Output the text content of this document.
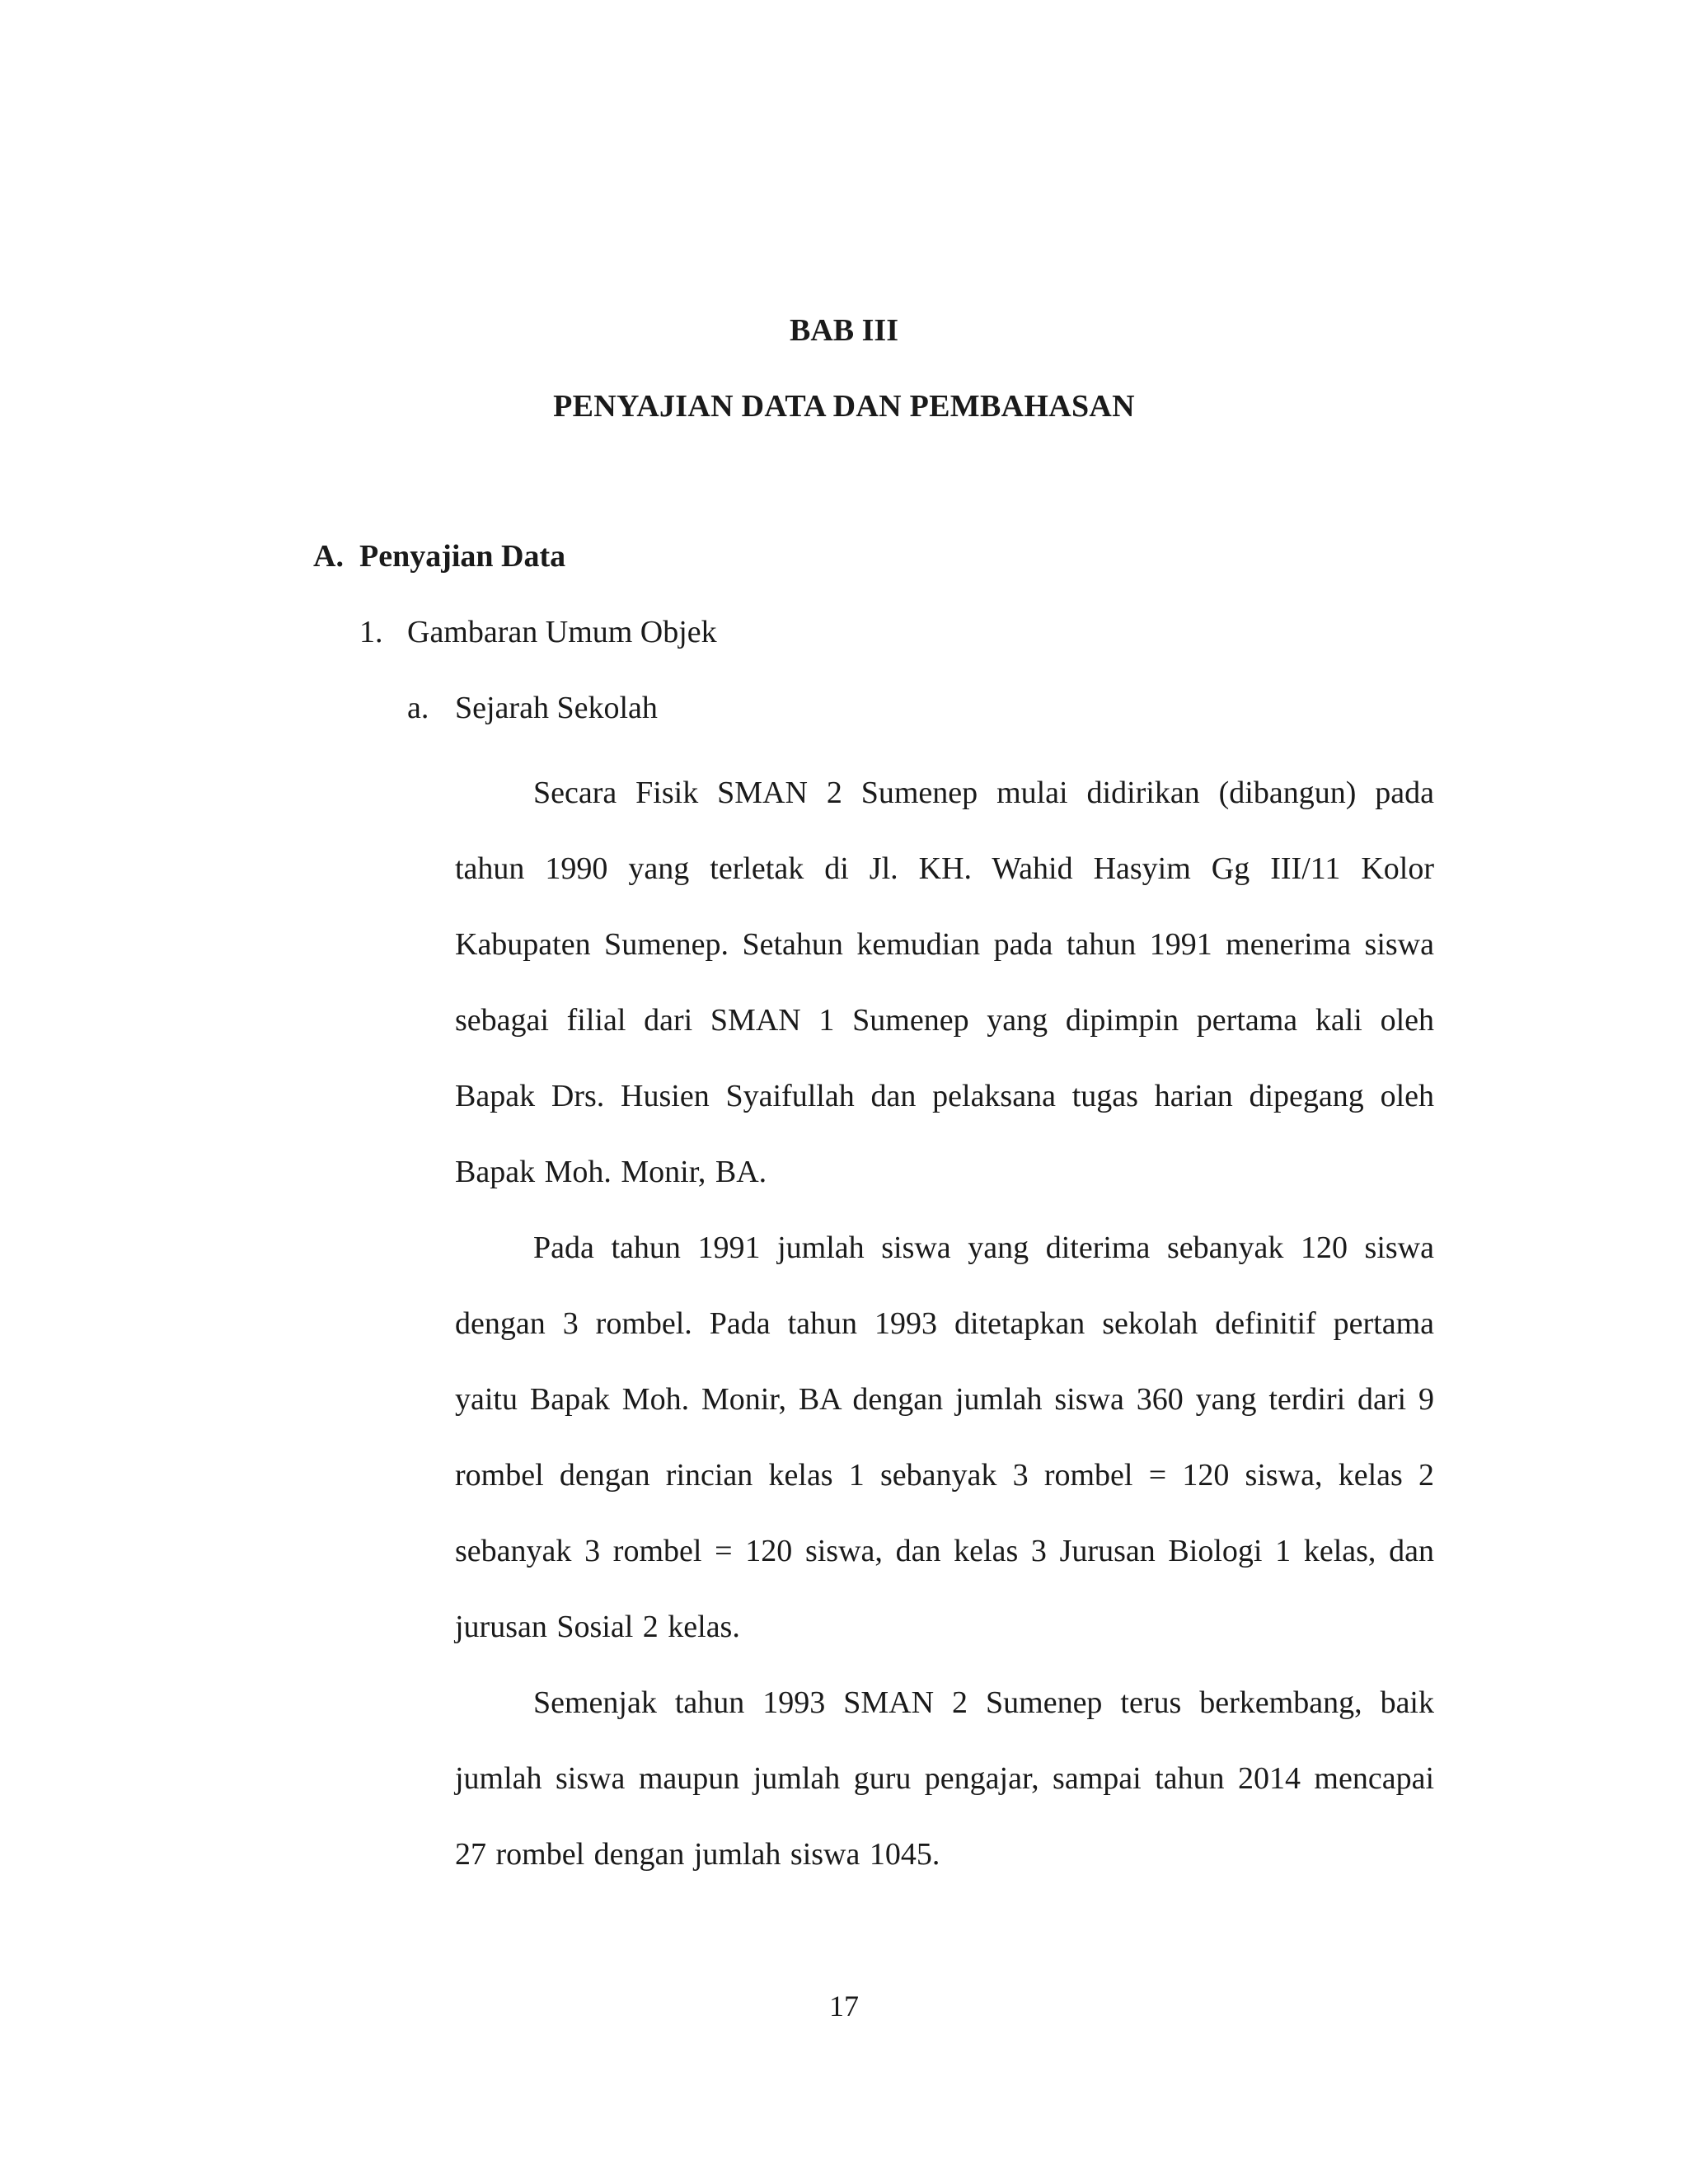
BAB III
PENYAJIAN DATA DAN PEMBAHASAN
A. Penyajian Data
1. Gambaran Umum Objek
a. Sejarah Sekolah

Secara Fisik SMAN 2 Sumenep mulai didirikan (dibangun) pada tahun 1990 yang terletak di Jl. KH. Wahid Hasyim Gg III/11 Kolor Kabupaten Sumenep. Setahun kemudian pada tahun 1991 menerima siswa sebagai filial dari SMAN 1 Sumenep yang dipimpin pertama kali oleh Bapak Drs. Husien Syaifullah dan pelaksana tugas harian dipegang oleh Bapak Moh. Monir, BA.

Pada tahun 1991 jumlah siswa yang diterima sebanyak 120 siswa dengan 3 rombel. Pada tahun 1993 ditetapkan sekolah definitif pertama yaitu Bapak Moh. Monir, BA dengan jumlah siswa 360 yang terdiri dari 9 rombel dengan rincian kelas 1 sebanyak 3 rombel = 120 siswa, kelas 2 sebanyak 3 rombel = 120 siswa, dan kelas 3 Jurusan Biologi 1 kelas, dan jurusan Sosial 2 kelas.

Semenjak tahun 1993 SMAN 2 Sumenep terus berkembang, baik jumlah siswa maupun jumlah guru pengajar, sampai tahun 2014 mencapai 27 rombel dengan jumlah siswa 1045.

17
